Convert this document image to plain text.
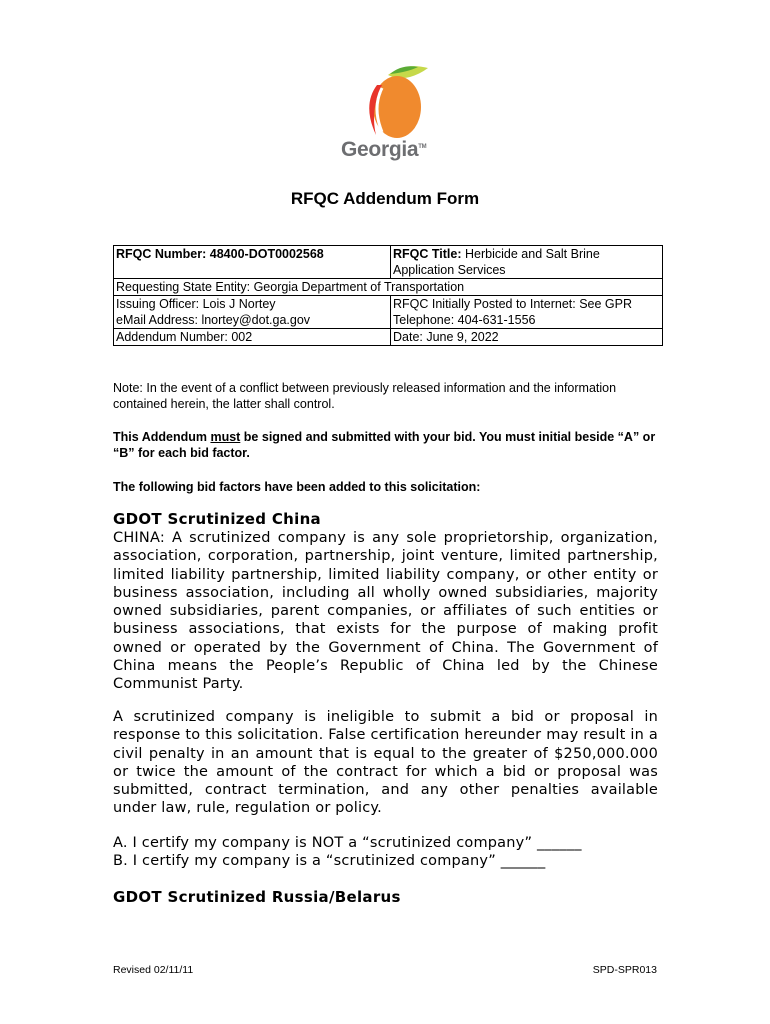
Georgia™
RFQC Addendum Form
RFQC Number: 48400-DOT0002568	RFQC Title: Herbicide and Salt Brine Application Services
Requesting State Entity: Georgia Department of Transportation	
Issuing Officer: Lois J Nortey	RFQC Initially Posted to Internet: See GPR
eMail Address: lnortey@dot.ga.gov	Telephone: 404-631-1556
Addendum Number: 002	Date: June 9, 2022
Note: In the event of a conflict between previously released information and the information contained herein, the latter shall control.
This Addendum must be signed and submitted with your bid. You must initial beside “A” or “B” for each bid factor.
The following bid factors have been added to this solicitation:
GDOT Scrutinized China
CHINA: A scrutinized company is any sole proprietorship, organization, association, corporation, partnership, joint venture, limited partnership, limited liability partnership, limited liability company, or other entity or business association, including all wholly owned subsidiaries, majority owned subsidiaries, parent companies, or affiliates of such entities or business associations, that exists for the purpose of making profit owned or operated by the Government of China. The Government of China means the People’s Republic of China led by the Chinese Communist Party.
A scrutinized company is ineligible to submit a bid or proposal in response to this solicitation. False certification hereunder may result in a civil penalty in an amount that is equal to the greater of $250,000.000 or twice the amount of the contract for which a bid or proposal was submitted, contract termination, and any other penalties available under law, rule, regulation or policy.
A. I certify my company is NOT a “scrutinized company” ______
B. I certify my company is a “scrutinized company” ______
GDOT Scrutinized Russia/Belarus
Revised 02/11/11	SPD-SPR013
